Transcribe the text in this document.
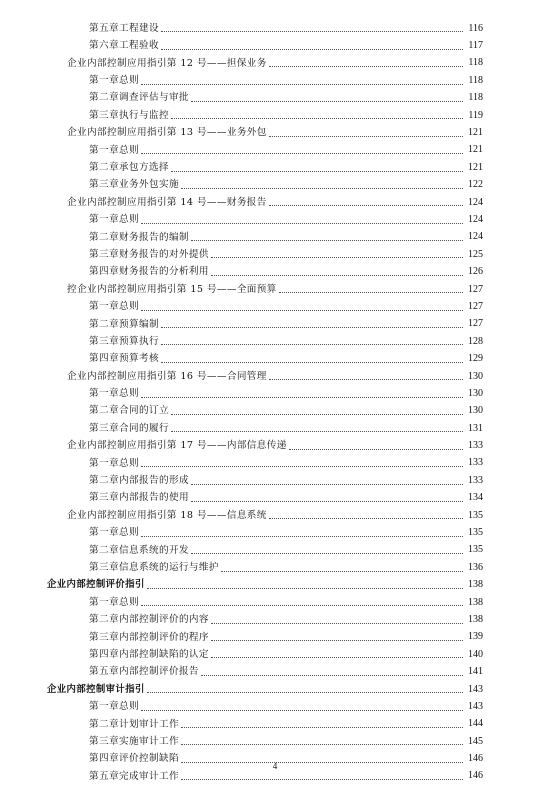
第五章工程建设	116
第六章工程验收	117
企业内部控制应用指引第 12 号——担保业务	118
第一章总则	118
第二章调查评估与审批	118
第三章执行与监控	119
企业内部控制应用指引第 13 号——业务外包	121
第一章总则	121
第二章承包方选择	121
第三章业务外包实施	122
企业内部控制应用指引第 14 号——财务报告	124
第一章总则	124
第二章财务报告的编制	124
第三章财务报告的对外提供	125
第四章财务报告的分析利用	126
控企业内部控制应用指引第 15 号——全面预算	127
第一章总则	127
第二章预算编制	127
第三章预算执行	128
第四章预算考核	129
企业内部控制应用指引第 16 号——合同管理	130
第一章总则	130
第二章合同的订立	130
第三章合同的履行	131
企业内部控制应用指引第 17 号——内部信息传递	133
第一章总则	133
第二章内部报告的形成	133
第三章内部报告的使用	134
企业内部控制应用指引第 18 号——信息系统	135
第一章总则	135
第二章信息系统的开发	135
第三章信息系统的运行与维护	136
企业内部控制评价指引	138
第一章总则	138
第二章内部控制评价的内容	138
第三章内部控制评价的程序	139
第四章内部控制缺陷的认定	140
第五章内部控制评价报告	141
企业内部控制审计指引	143
第一章总则	143
第二章计划审计工作	144
第三章实施审计工作	145
第四章评价控制缺陷	146
第五章完成审计工作	146
4
